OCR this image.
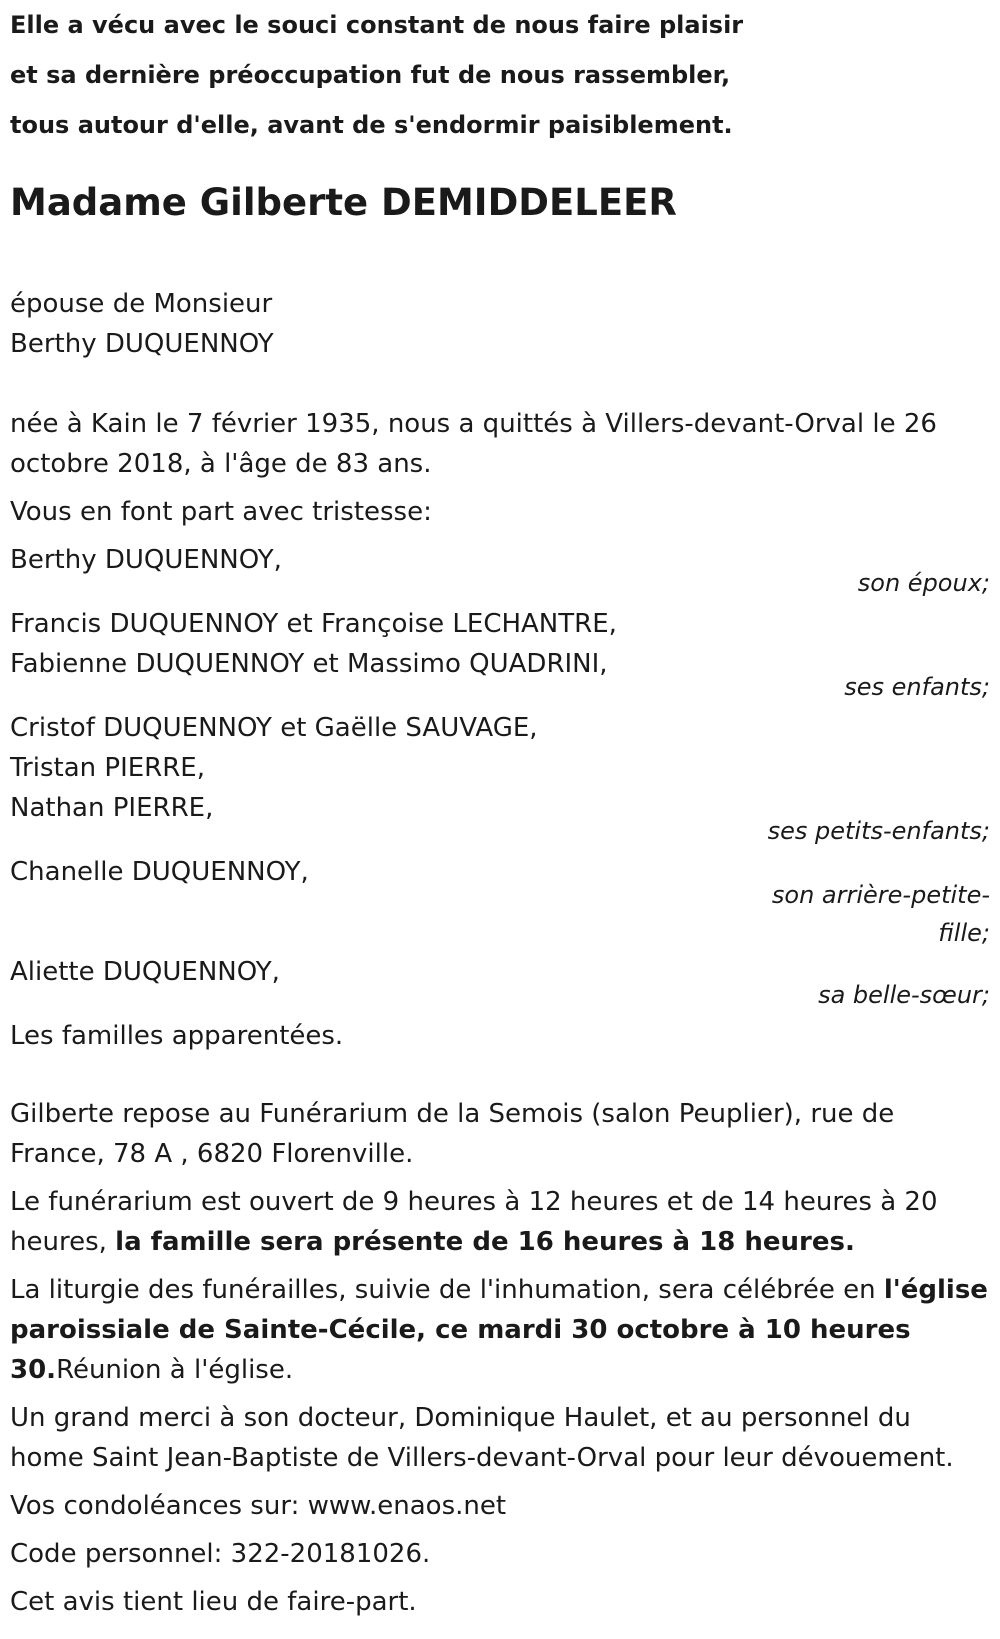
Elle a vécu avec le souci constant de nous faire plaisir

et sa dernière préoccupation fut de nous rassembler,

tous autour d'elle, avant de s'endormir paisiblement.

Madame Gilberte DEMIDDELEER

épouse de Monsieur

Berthy DUQUENNOY

née à Kain le 7 février 1935, nous a quittés à Villers-devant-Orval le 26 octobre 2018, à l'âge de 83 ans.

Vous en font part avec tristesse:

Berthy DUQUENNOY,

son époux;

Francis DUQUENNOY et Françoise LECHANTRE,

Fabienne DUQUENNOY et Massimo QUADRINI,

ses enfants;

Cristof DUQUENNOY et Gaëlle SAUVAGE,

Tristan PIERRE,

Nathan PIERRE,

ses petits-enfants;

Chanelle DUQUENNOY,

son arrière-petite-fille;

Aliette DUQUENNOY,

sa belle-sœur;

Les familles apparentées.

Gilberte repose au Funérarium de la Semois (salon Peuplier), rue de France, 78 A , 6820 Florenville.

Le funérarium est ouvert de 9 heures à 12 heures et de 14 heures à 20 heures, la famille sera présente de 16 heures à 18 heures.

La liturgie des funérailles, suivie de l'inhumation, sera célébrée en l'église paroissiale de Sainte-Cécile, ce mardi 30 octobre à 10 heures 30.Réunion à l'église.

Un grand merci à son docteur, Dominique Haulet, et au personnel du home Saint Jean-Baptiste de Villers-devant-Orval pour leur dévouement.

Vos condoléances sur: www.enaos.net

Code personnel: 322-20181026.

Cet avis tient lieu de faire-part.
